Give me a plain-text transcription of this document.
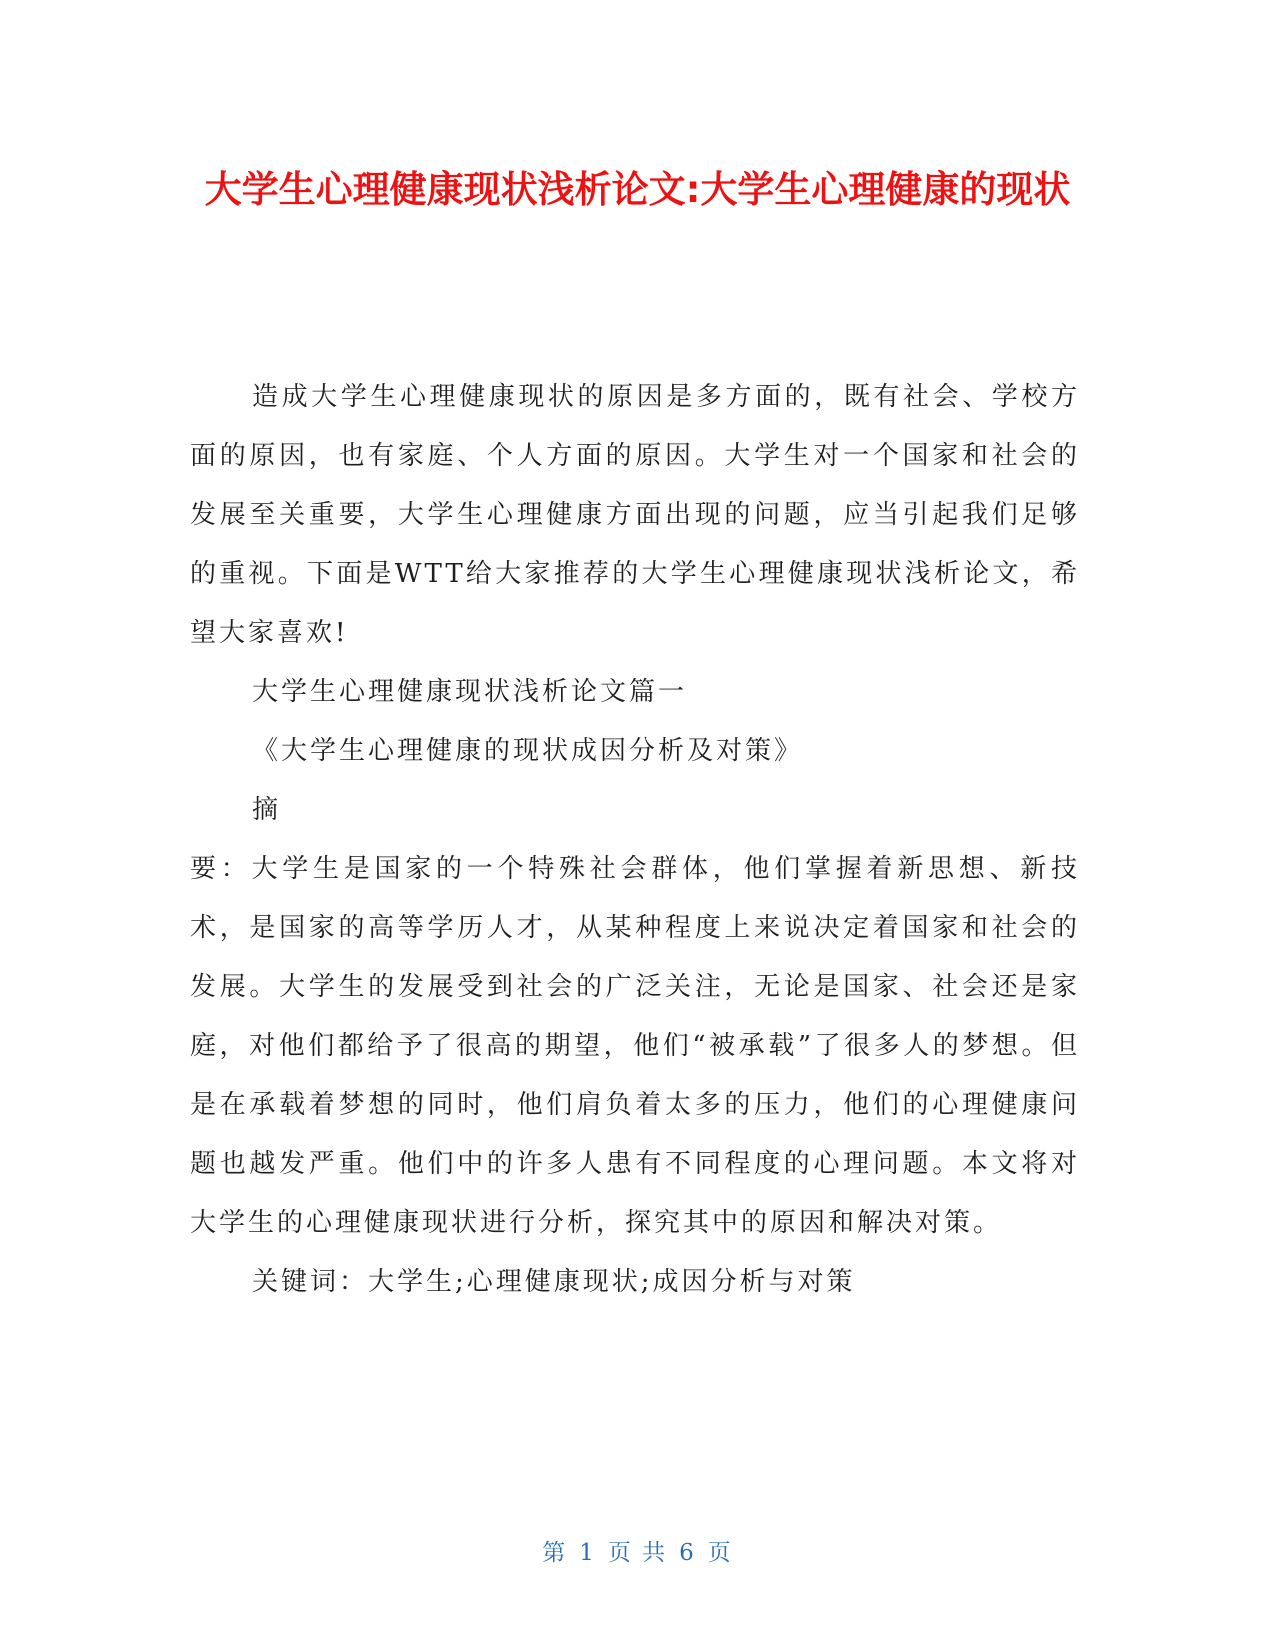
大学生心理健康现状浅析论文:大学生心理健康的现状

造成大学生心理健康现状的原因是多方面的，既有社会、学校方面的原因，也有家庭、个人方面的原因。大学生对一个国家和社会的发展至关重要，大学生心理健康方面出现的问题，应当引起我们足够的重视。下面是WTT给大家推荐的大学生心理健康现状浅析论文，希望大家喜欢!

大学生心理健康现状浅析论文篇一

《大学生心理健康的现状成因分析及对策》

摘

要：大学生是国家的一个特殊社会群体，他们掌握着新思想、新技术，是国家的高等学历人才，从某种程度上来说决定着国家和社会的发展。大学生的发展受到社会的广泛关注，无论是国家、社会还是家庭，对他们都给予了很高的期望，他们“被承载”了很多人的梦想。但是在承载着梦想的同时，他们肩负着太多的压力，他们的心理健康问题也越发严重。他们中的许多人患有不同程度的心理问题。本文将对大学生的心理健康现状进行分析，探究其中的原因和解决对策。

关键词：大学生;心理健康现状;成因分析与对策

第 1 页 共 6 页
